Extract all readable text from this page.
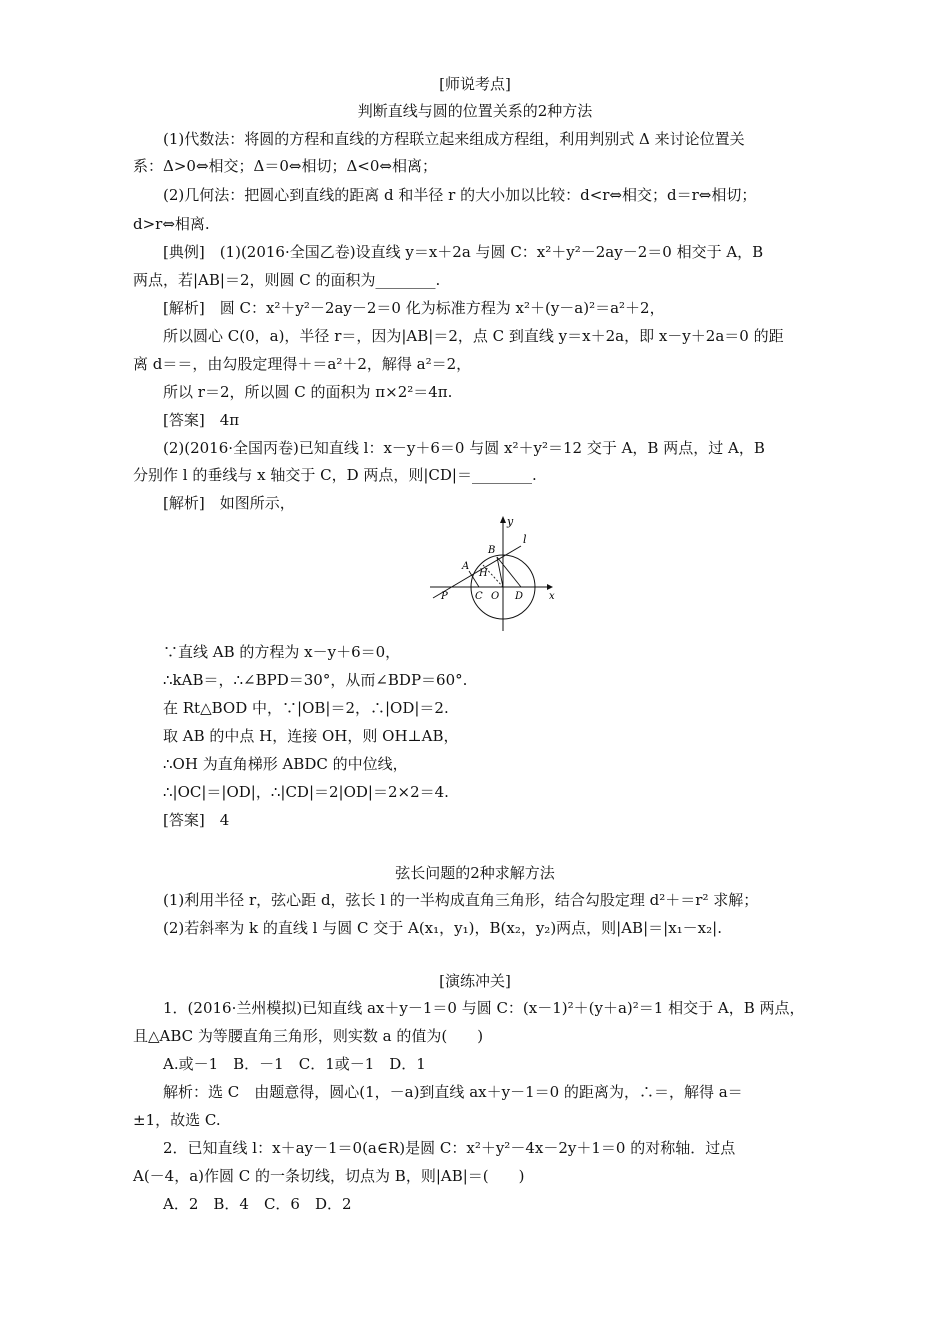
[师说考点]
判断直线与圆的位置关系的2种方法
(1)代数法：将圆的方程和直线的方程联立起来组成方程组，利用判别式 Δ 来讨论位置关
系：Δ>0⇔相交；Δ＝0⇔相切；Δ<0⇔相离；
(2)几何法：把圆心到直线的距离 d 和半径 r 的大小加以比较：d<r⇔相交；d＝r⇔相切；
d>r⇔相离.
[典例]　(1)(2016·全国乙卷)设直线 y＝x＋2a 与圆 C：x²＋y²－2ay－2＝0 相交于 A，B
两点，若|AB|＝2，则圆 C 的面积为________.
[解析]　圆 C：x²＋y²－2ay－2＝0 化为标准方程为 x²＋(y－a)²＝a²＋2，
所以圆心 C(0，a)，半径 r＝，因为|AB|＝2，点 C 到直线 y＝x＋2a，即 x－y＋2a＝0 的距
离 d＝＝，由勾股定理得＋＝a²＋2，解得 a²＝2，
所以 r＝2，所以圆 C 的面积为 π×2²＝4π.
[答案]　4π
(2)(2016·全国丙卷)已知直线 l：x－y＋6＝0 与圆 x²＋y²＝12 交于 A，B 两点，过 A，B
分别作 l 的垂线与 x 轴交于 C，D 两点，则|CD|＝________.
[解析]　如图所示，
y
l
B
A
H
P	C O D	x
∵直线 AB 的方程为 x－y＋6＝0，
∴kAB＝，∴∠BPD＝30°，从而∠BDP＝60°.
在 Rt△BOD 中，∵|OB|＝2，∴|OD|＝2.
取 AB 的中点 H，连接 OH，则 OH⊥AB，
∴OH 为直角梯形 ABDC 的中位线，
∴|OC|＝|OD|，∴|CD|＝2|OD|＝2×2＝4.
[答案]　4
弦长问题的2种求解方法
(1)利用半径 r，弦心距 d，弦长 l 的一半构成直角三角形，结合勾股定理 d²＋＝r² 求解；
(2)若斜率为 k 的直线 l 与圆 C 交于 A(x₁，y₁)，B(x₂，y₂)两点，则|AB|＝|x₁－x₂|.
[演练冲关]
1．(2016·兰州模拟)已知直线 ax＋y－1＝0 与圆 C：(x－1)²＋(y＋a)²＝1 相交于 A，B 两点，
且△ABC 为等腰直角三角形，则实数 a 的值为(　　)
A.或－1　B．－1　C．1或－1　D．1
解析：选 C　由题意得，圆心(1，－a)到直线 ax＋y－1＝0 的距离为，∴＝，解得 a＝
±1，故选 C.
2．已知直线 l：x＋ay－1＝0(a∈R)是圆 C：x²＋y²－4x－2y＋1＝0 的对称轴．过点
A(－4，a)作圆 C 的一条切线，切点为 B，则|AB|＝(　　)
A．2　B．4　C．6　D．2
